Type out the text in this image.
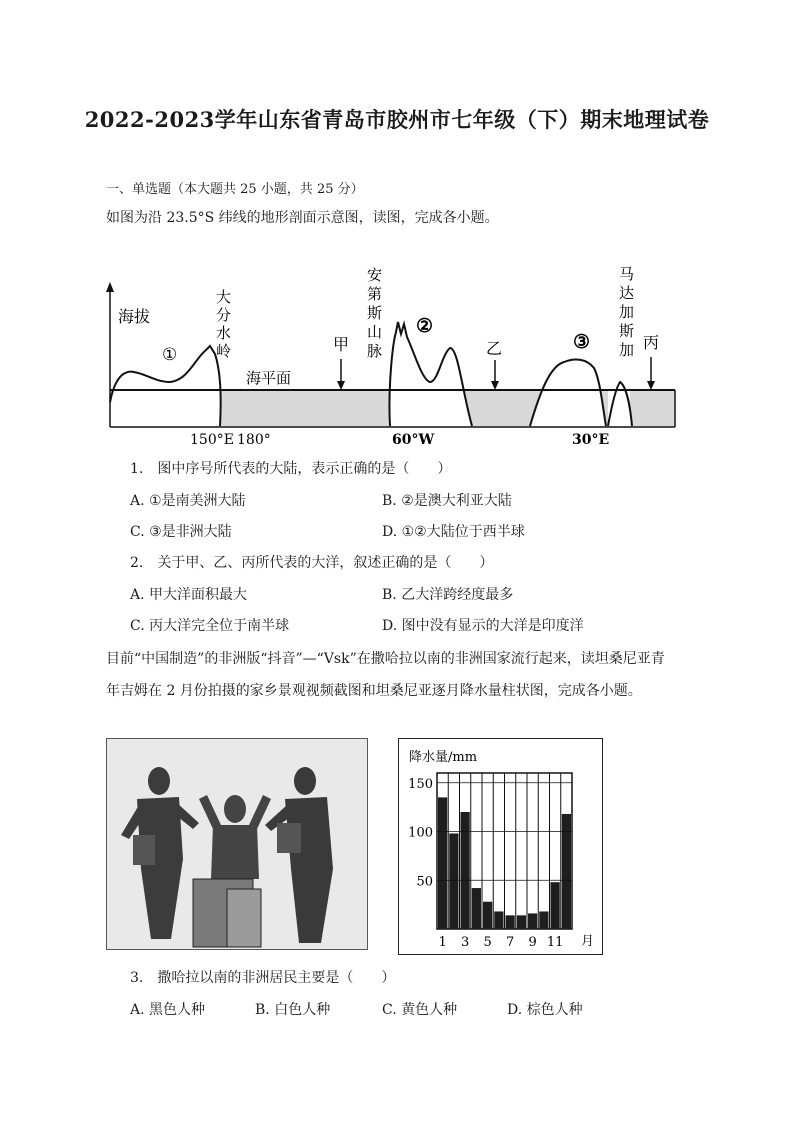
2022-2023学年山东省青岛市胶州市七年级（下）期末地理试卷
一、单选题（本大题共 25 小题，共 25 分）
如图为沿 23.5°S 纬线的地形剖面示意图，读图，完成各小题。
海拔
①
②
③
大分水岭
安第斯山脉
马达加斯加
海平面
甲	乙	丙
150°E 180°	60°W	30°E
1.　图中序号所代表的大陆，表示正确的是（　　）
A. ①是南美洲大陆	B. ②是澳大利亚大陆
C. ③是非洲大陆	D. ①②大陆位于西半球
2.　关于甲、乙、丙所代表的大洋，叙述正确的是（　　）
A. 甲大洋面积最大	B. 乙大洋跨经度最多
C. 丙大洋完全位于南半球	D. 图中没有显示的大洋是印度洋
目前“中国制造”的非洲版“抖音”—“Vsk”在撒哈拉以南的非洲国家流行起来，读坦桑尼亚青
年吉姆在 2 月份拍摄的家乡景观视频截图和坦桑尼亚逐月降水量柱状图，完成各小题。
降水量/mm
50
100
150
1 3 5 7 9 11 月
3.　撒哈拉以南的非洲居民主要是（　　）
A. 黑色人种	B. 白色人种	C. 黄色人种	D. 棕色人种
